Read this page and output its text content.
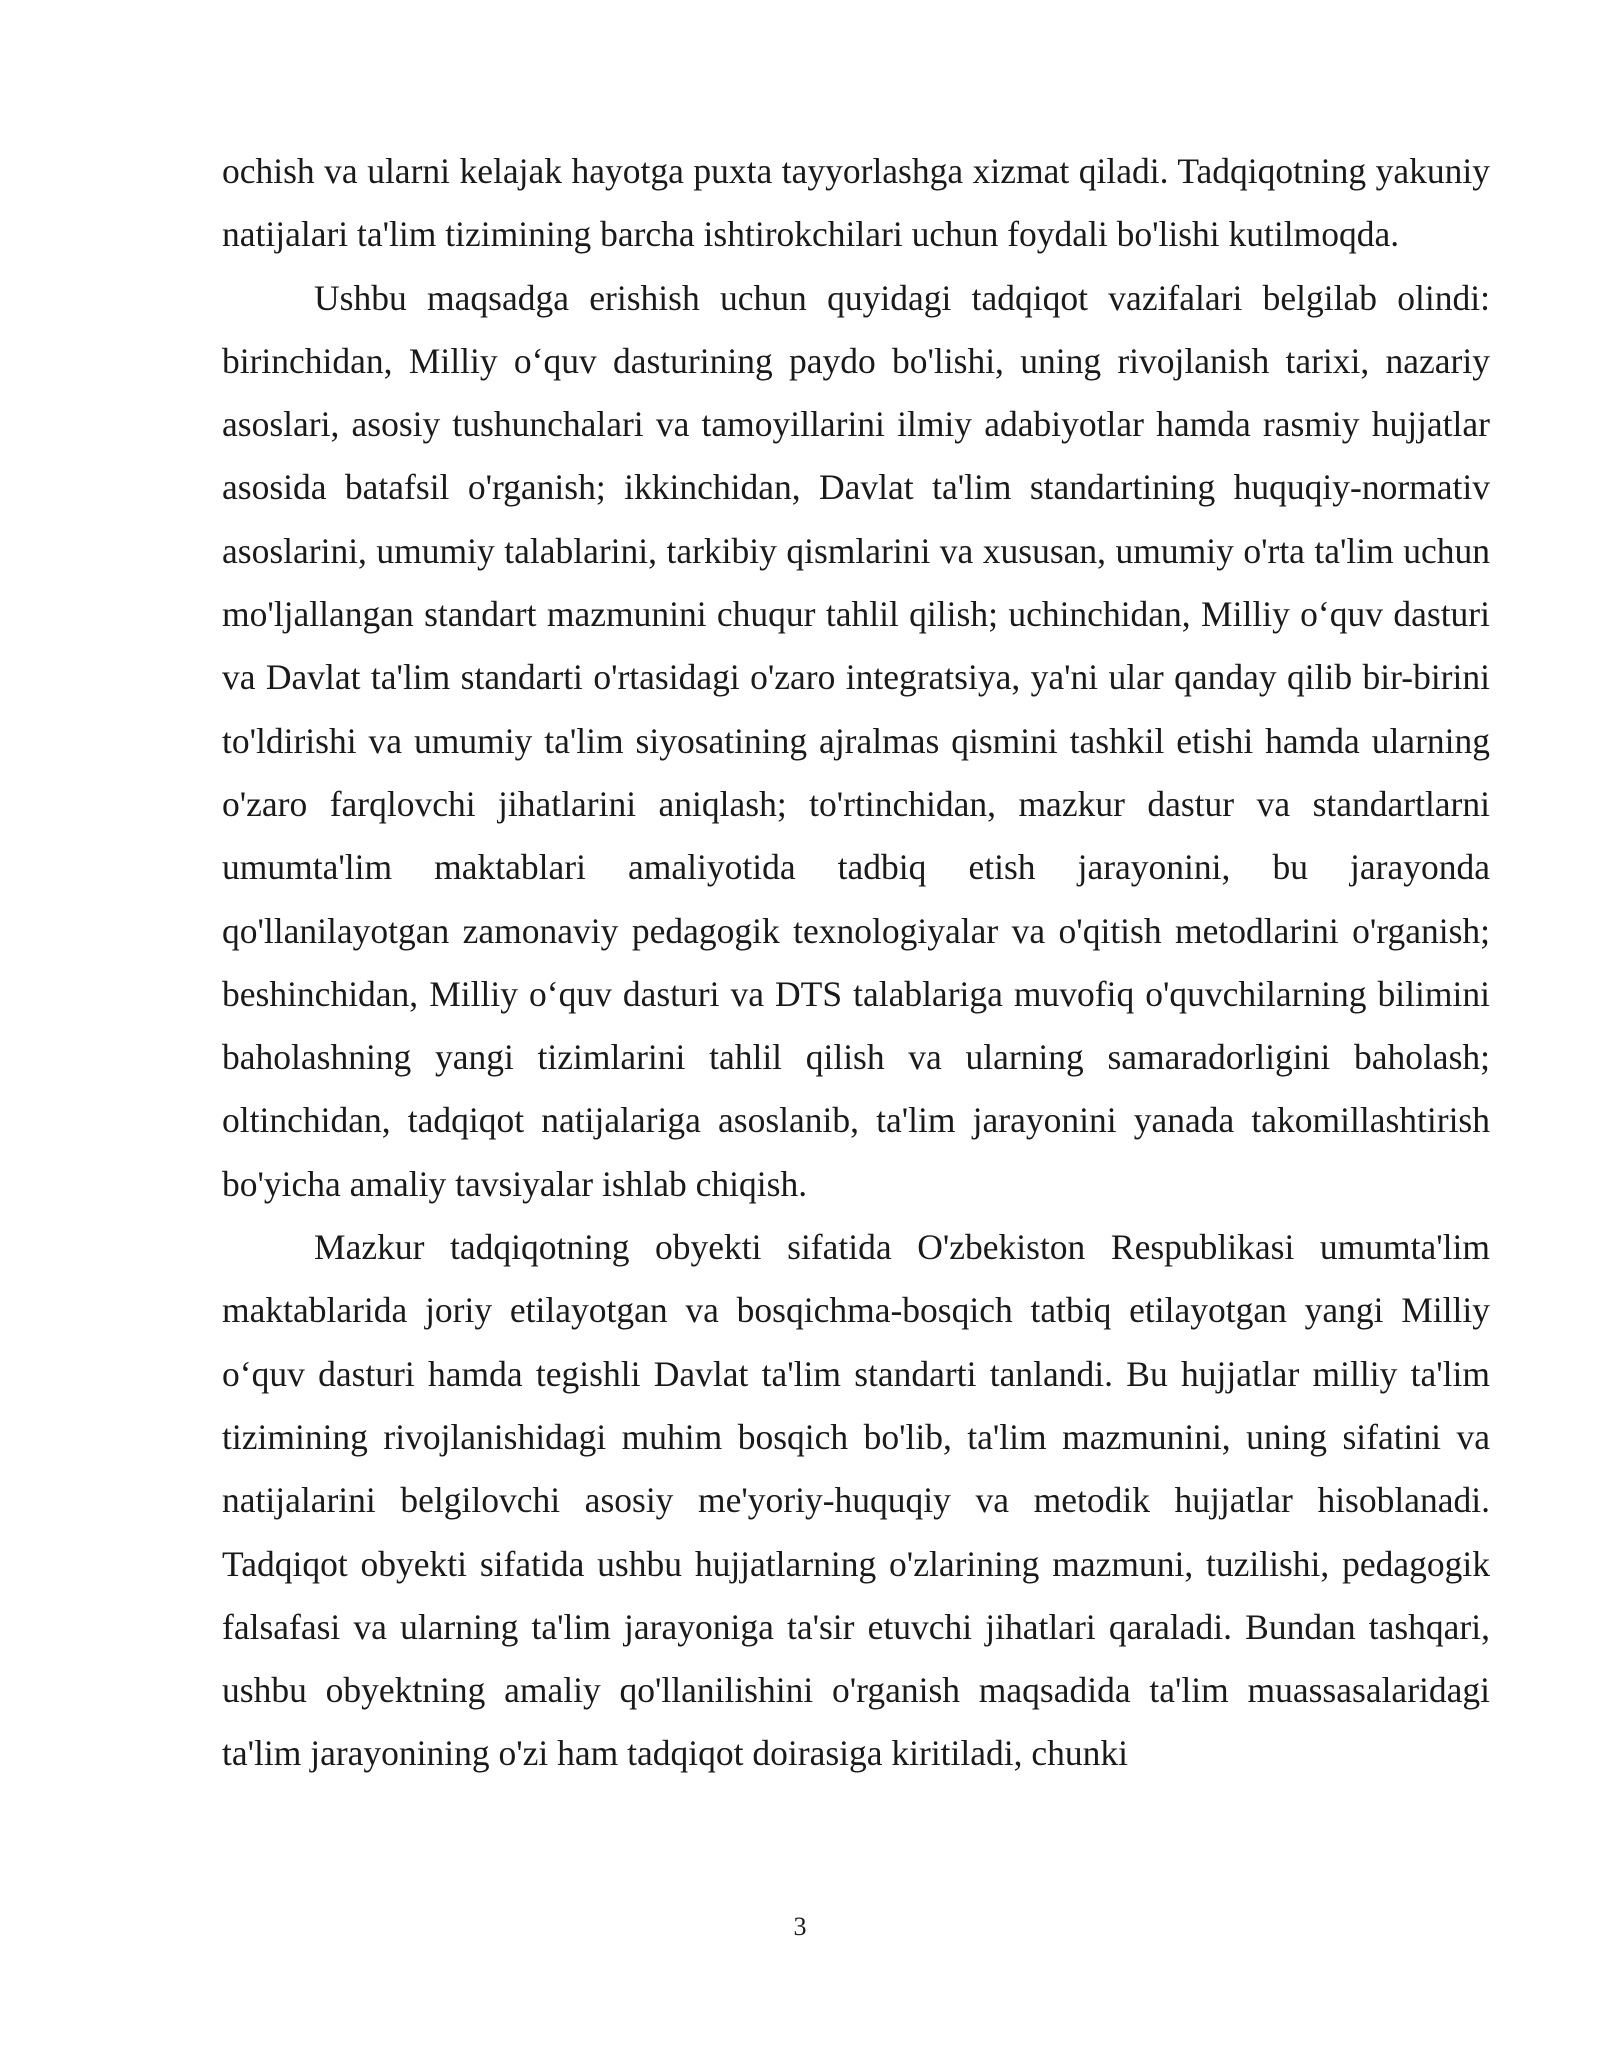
ochish va ularni kelajak hayotga puxta tayyorlashga xizmat qiladi. Tadqiqotning yakuniy natijalari ta'lim tizimining barcha ishtirokchilari uchun foydali bo'lishi kutilmoqda.

Ushbu maqsadga erishish uchun quyidagi tadqiqot vazifalari belgilab olindi: birinchidan, Milliy o‘quv dasturining paydo bo'lishi, uning rivojlanish tarixi, nazariy asoslari, asosiy tushunchalari va tamoyillarini ilmiy adabiyotlar hamda rasmiy hujjatlar asosida batafsil o'rganish; ikkinchidan, Davlat ta'lim standartining huquqiy-normativ asoslarini, umumiy talablarini, tarkibiy qismlarini va xususan, umumiy o'rta ta'lim uchun mo'ljallangan standart mazmunini chuqur tahlil qilish; uchinchidan, Milliy o‘quv dasturi va Davlat ta'lim standarti o'rtasidagi o'zaro integratsiya, ya'ni ular qanday qilib bir-birini to'ldirishi va umumiy ta'lim siyosatining ajralmas qismini tashkil etishi hamda ularning o'zaro farqlovchi jihatlarini aniqlash; to'rtinchidan, mazkur dastur va standartlarni umumta'lim maktablari amaliyotida tadbiq etish jarayonini, bu jarayonda qo'llanilayotgan zamonaviy pedagogik texnologiyalar va o'qitish metodlarini o'rganish; beshinchidan, Milliy o‘quv dasturi va DTS talablariga muvofiq o'quvchilarning bilimini baholashning yangi tizimlarini tahlil qilish va ularning samaradorligini baholash; oltinchidan, tadqiqot natijalariga asoslanib, ta'lim jarayonini yanada takomillashtirish bo'yicha amaliy tavsiyalar ishlab chiqish.

Mazkur tadqiqotning obyekti sifatida O'zbekiston Respublikasi umumta'lim maktablarida joriy etilayotgan va bosqichma-bosqich tatbiq etilayotgan yangi Milliy o‘quv dasturi hamda tegishli Davlat ta'lim standarti tanlandi. Bu hujjatlar milliy ta'lim tizimining rivojlanishidagi muhim bosqich bo'lib, ta'lim mazmunini, uning sifatini va natijalarini belgilovchi asosiy me'yoriy-huquqiy va metodik hujjatlar hisoblanadi. Tadqiqot obyekti sifatida ushbu hujjatlarning o'zlarining mazmuni, tuzilishi, pedagogik falsafasi va ularning ta'lim jarayoniga ta'sir etuvchi jihatlari qaraladi. Bundan tashqari, ushbu obyektning amaliy qo'llanilishini o'rganish maqsadida ta'lim muassasalaridagi ta'lim jarayonining o'zi ham tadqiqot doirasiga kiritiladi, chunki

3
